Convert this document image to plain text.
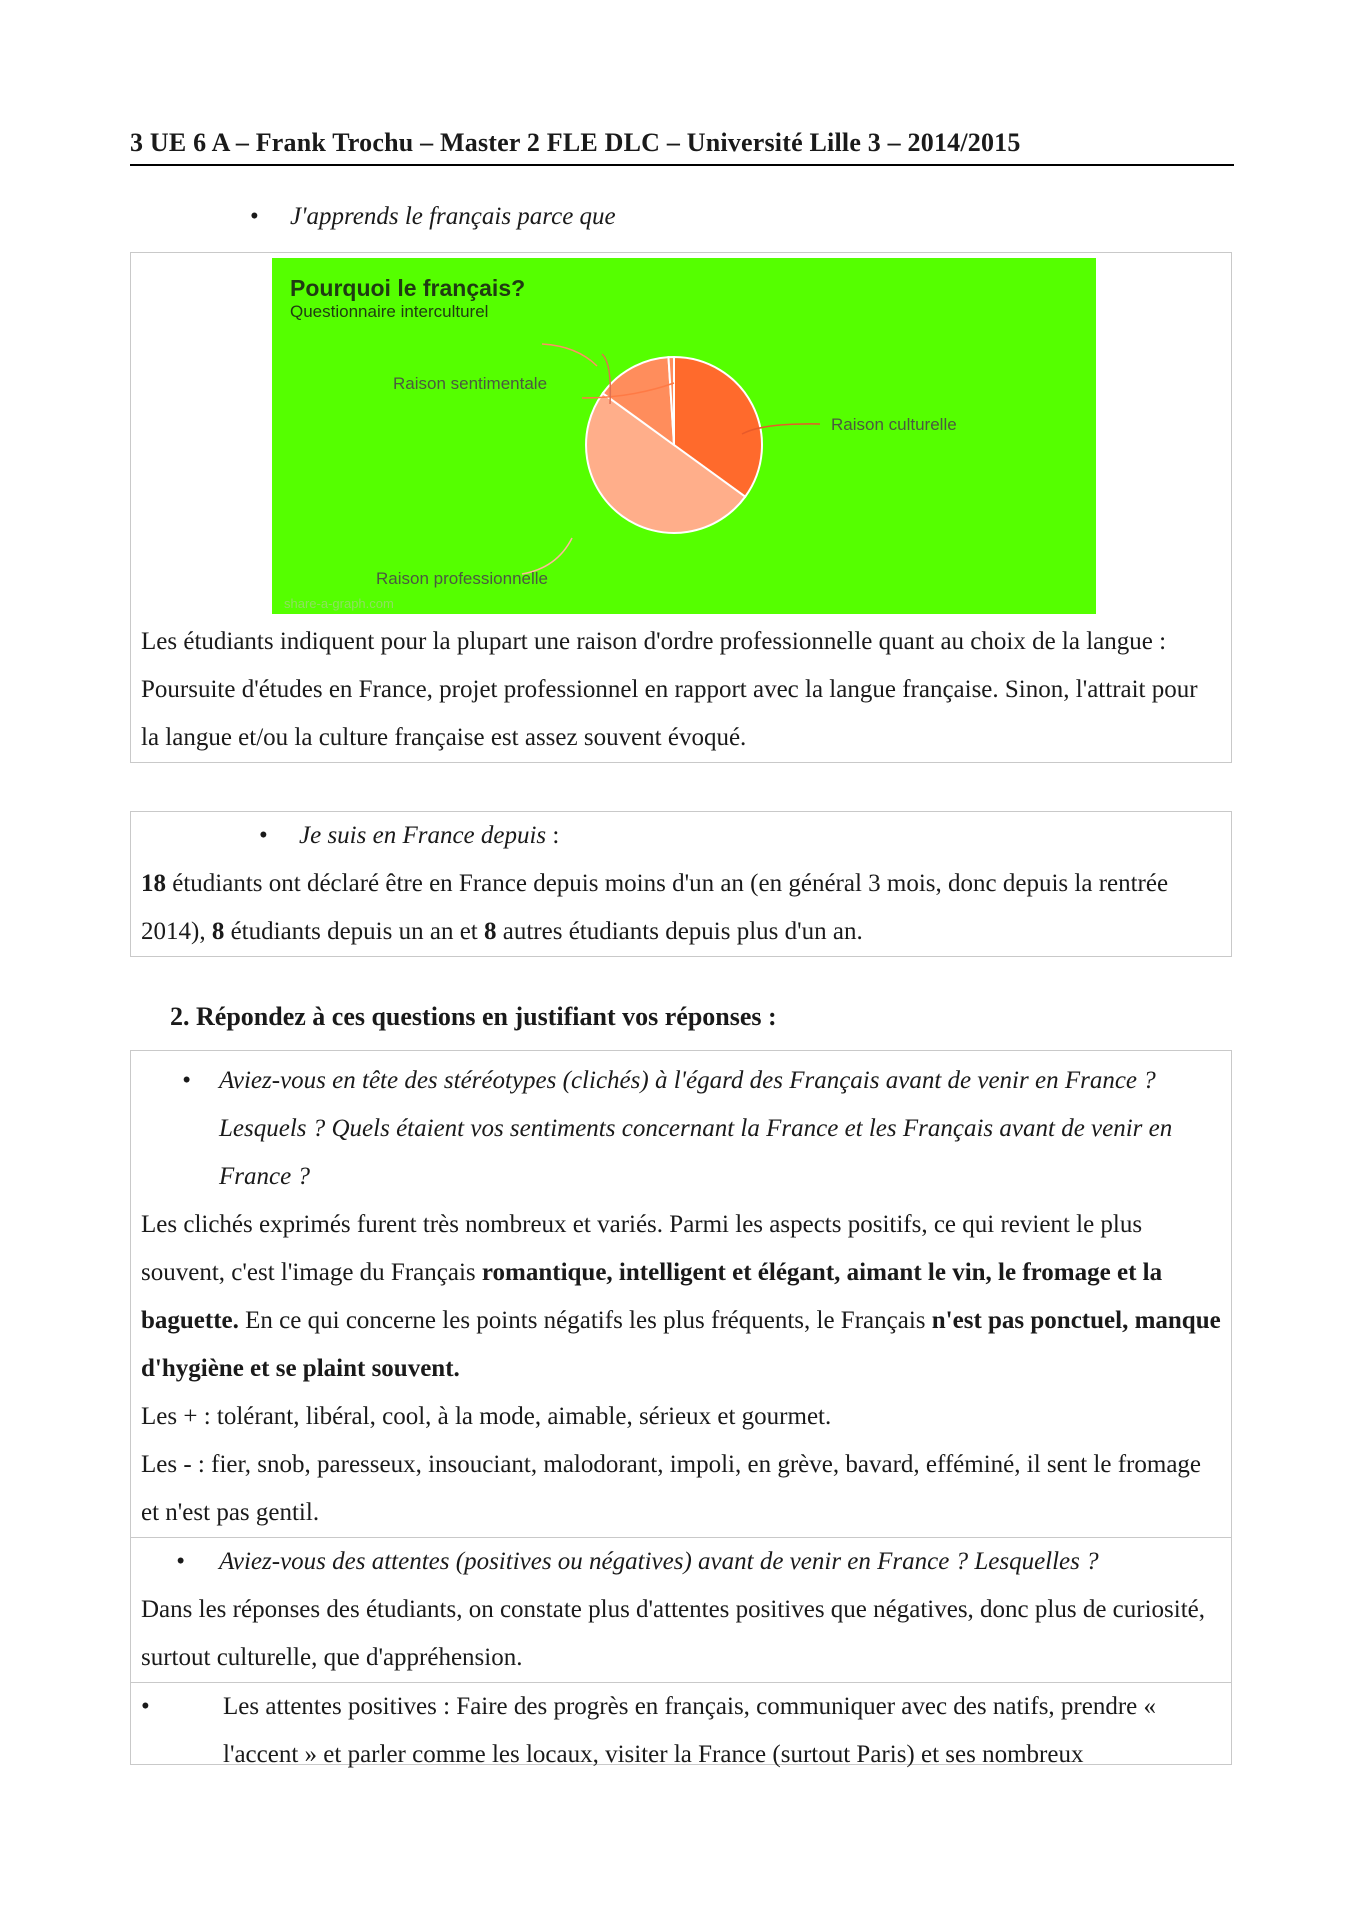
3 UE 6 A – Frank Trochu – Master 2 FLE DLC – Université Lille 3 – 2014/2015
• J'apprends le français parce que
Pourquoi le français?
Questionnaire interculturel
Raison culturelle
Raison professionnelle
Raison sentimentale
share-a-graph.com
Les étudiants indiquent pour la plupart une raison d'ordre professionnelle quant au choix de la langue : Poursuite d'études en France, projet professionnel en rapport avec la langue française. Sinon, l'attrait pour la langue et/ou la culture française est assez souvent évoqué.
• Je suis en France depuis :
18 étudiants ont déclaré être en France depuis moins d'un an (en général 3 mois, donc depuis la rentrée 2014), 8 étudiants depuis un an et 8 autres étudiants depuis plus d'un an.
2. Répondez à ces questions en justifiant vos réponses :
•	Aviez-vous en tête des stéréotypes (clichés) à l'égard des Français avant de venir en France ? Lesquels ? Quels étaient vos sentiments concernant la France et les Français avant de venir en France ?
Les clichés exprimés furent très nombreux et variés. Parmi les aspects positifs, ce qui revient le plus souvent, c'est l'image du Français romantique, intelligent et élégant, aimant le vin, le fromage et la baguette. En ce qui concerne les points négatifs les plus fréquents, le Français n'est pas ponctuel, manque d'hygiène et se plaint souvent.
Les + : tolérant, libéral, cool, à la mode, aimable, sérieux et gourmet.
Les - : fier, snob, paresseux, insouciant, malodorant, impoli, en grève, bavard, efféminé, il sent le fromage et n'est pas gentil.
•	Aviez-vous des attentes (positives ou négatives) avant de venir en France ? Lesquelles ?
Dans les réponses des étudiants, on constate plus d'attentes positives que négatives, donc plus de curiosité, surtout culturelle, que d'appréhension.
•	Les attentes positives : Faire des progrès en français, communiquer avec des natifs, prendre « l'accent » et parler comme les locaux, visiter la France (surtout Paris) et ses nombreux
